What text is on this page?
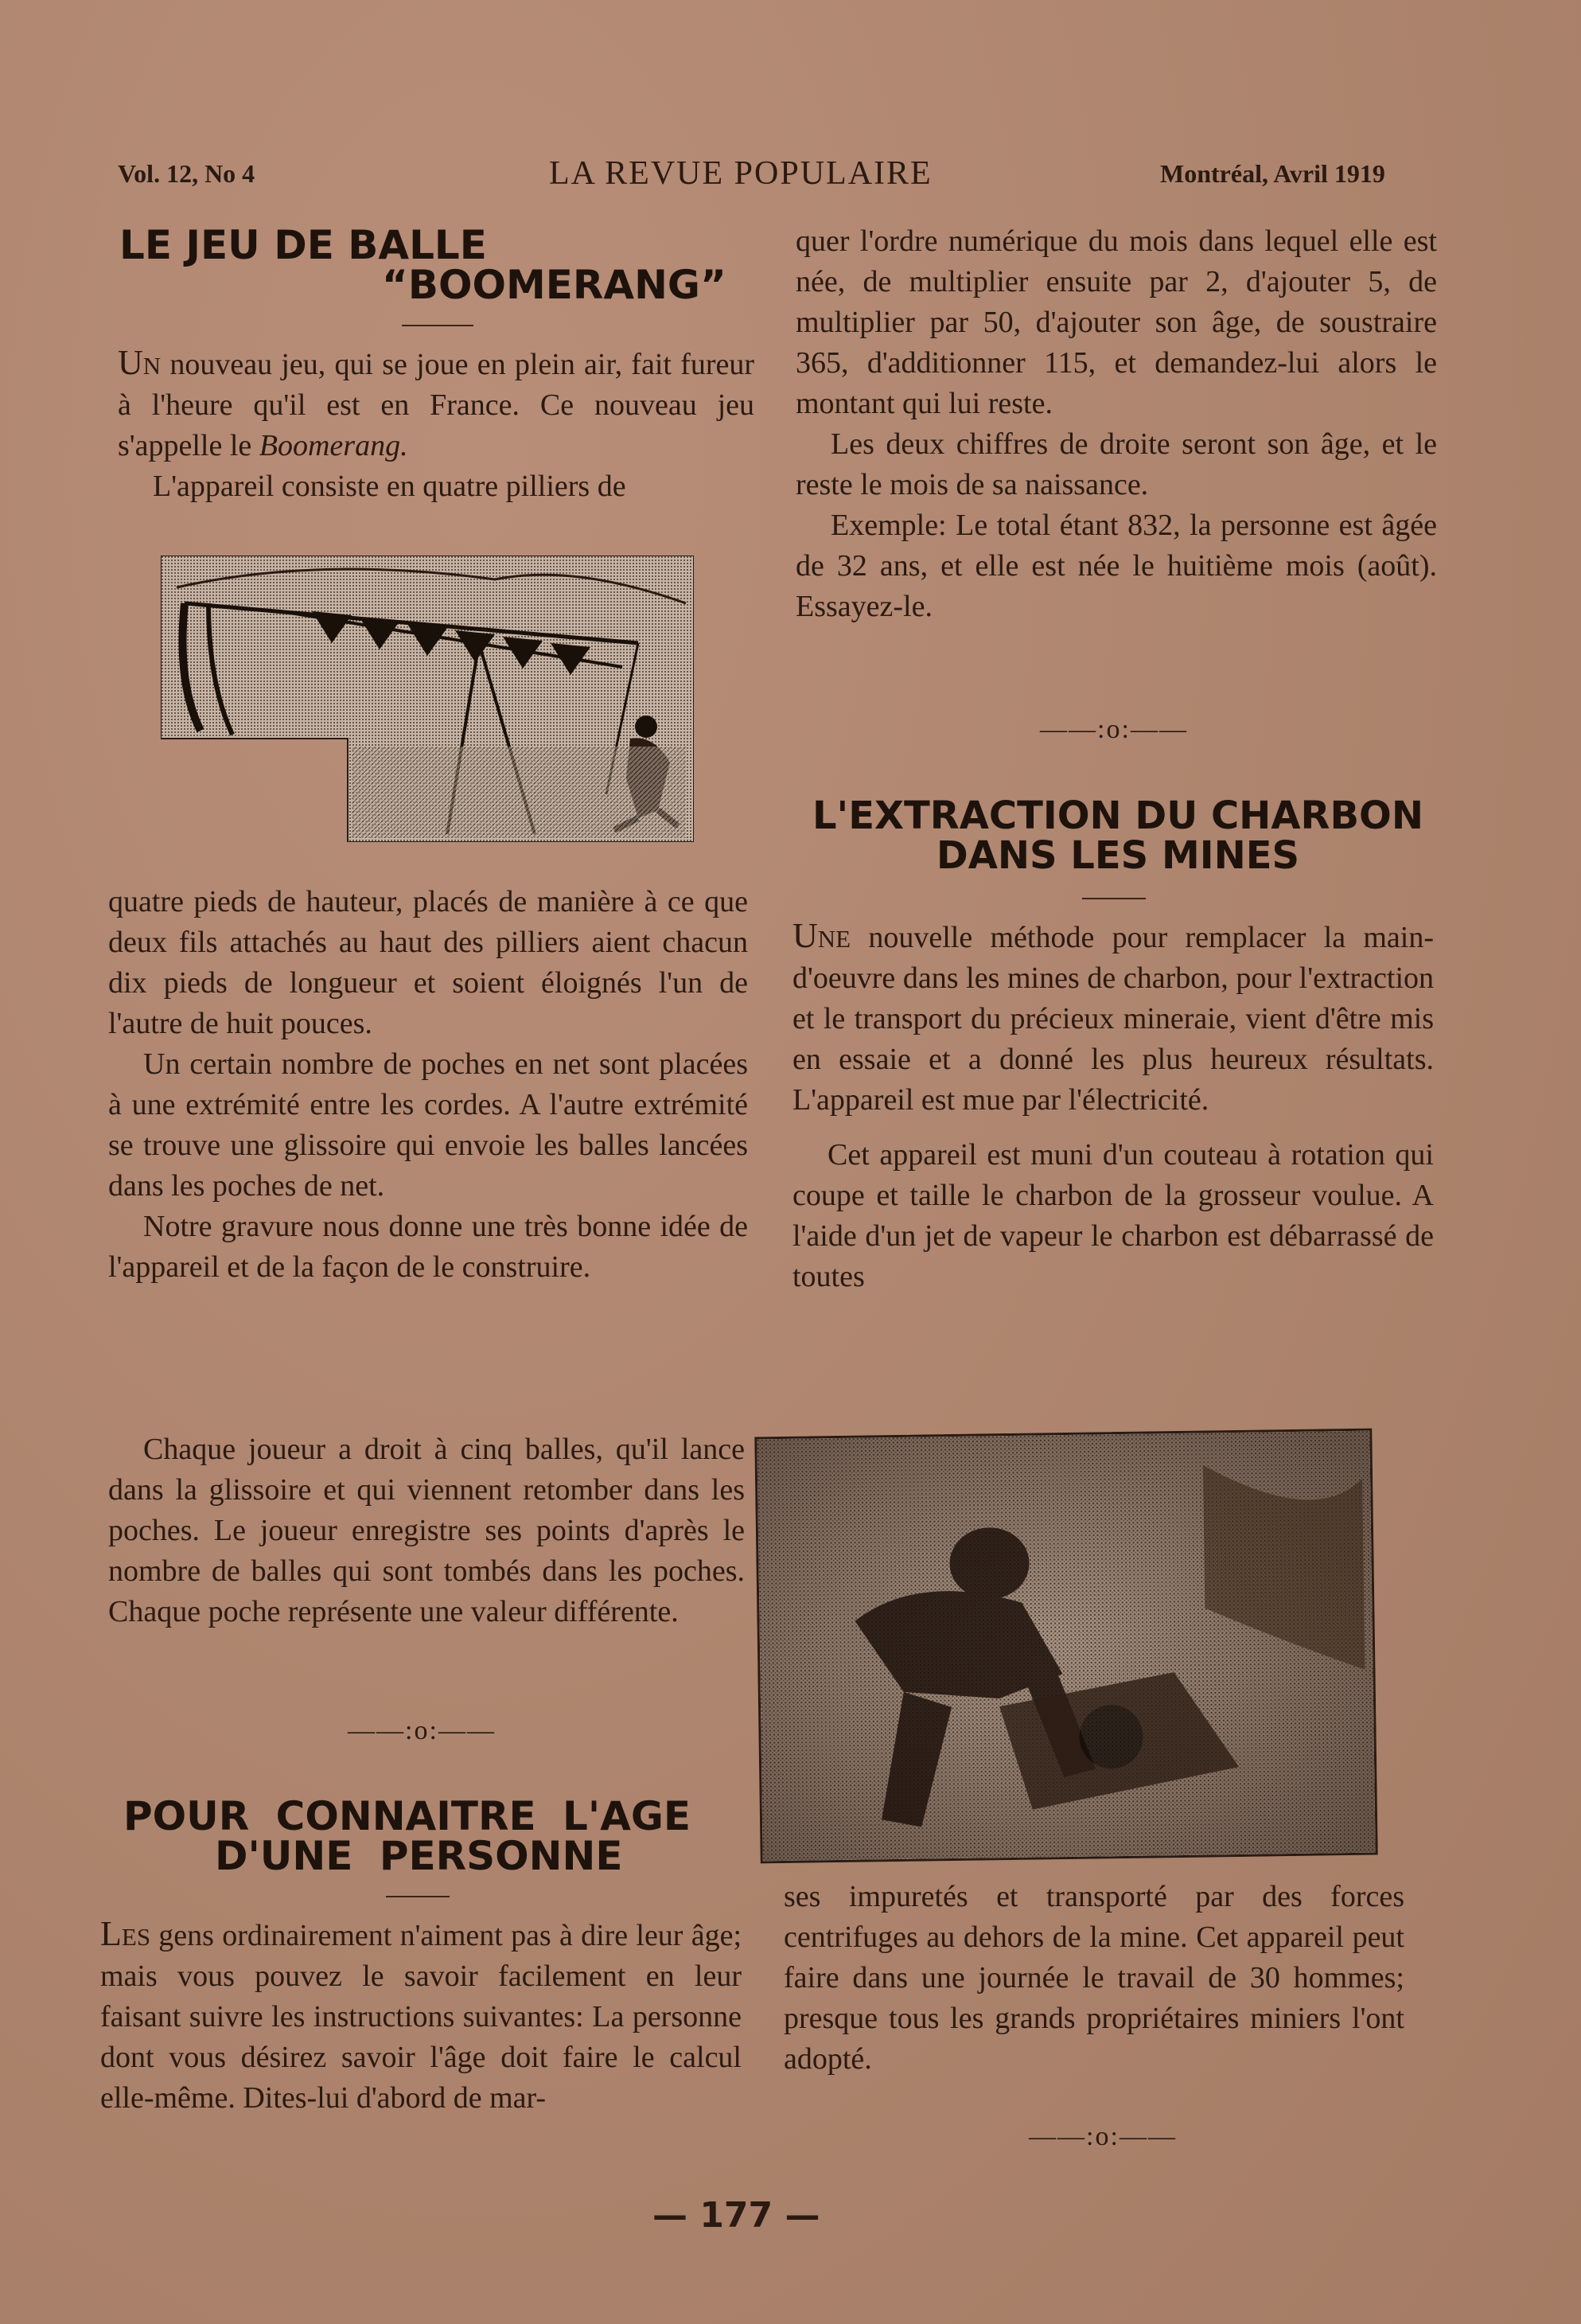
Vol. 12, No 4	LA REVUE POPULAIRE	Montréal, Avril 1919
LE JEU DE BALLE
“BOOMERANG”

Un nouveau jeu, qui se joue en plein air, fait fureur à l'heure qu'il est en France. Ce nouveau jeu s'appelle le Boomerang.

L'appareil consiste en quatre pilliers de

quatre pieds de hauteur, placés de manière à ce que deux fils attachés au haut des pilliers aient chacun dix pieds de longueur et soient éloignés l'un de l'autre de huit pouces.

Un certain nombre de poches en net sont placées à une extrémité entre les cordes. A l'autre extrémité se trouve une glissoire qui envoie les balles lancées dans les poches de net.

Notre gravure nous donne une très bonne idée de l'appareil et de la façon de le construire.

Chaque joueur a droit à cinq balles, qu'il lance dans la glissoire et qui viennent retomber dans les poches. Le joueur enregistre ses points d'après le nombre de balles qui sont tombés dans les poches. Chaque poche représente une valeur différente.

——:o:——
POUR CONNAITRE L'AGE
D'UNE PERSONNE

Les gens ordinairement n'aiment pas à dire leur âge; mais vous pouvez le savoir facilement en leur faisant suivre les instructions suivantes: La personne dont vous désirez savoir l'âge doit faire le calcul elle-même. Dites-lui d'abord de mar-

quer l'ordre numérique du mois dans lequel elle est née, de multiplier ensuite par 2, d'ajouter 5, de multiplier par 50, d'ajouter son âge, de soustraire 365, d'additionner 115, et demandez-lui alors le montant qui lui reste.

Les deux chiffres de droite seront son âge, et le reste le mois de sa naissance.

Exemple: Le total étant 832, la personne est âgée de 32 ans, et elle est née le huitième mois (août). Essayez-le.

——:o:——
L'EXTRACTION DU CHARBON
DANS LES MINES

Une nouvelle méthode pour remplacer la main-d'oeuvre dans les mines de charbon, pour l'extraction et le transport du précieux mineraie, vient d'être mis en essaie et a donné les plus heureux résultats. L'appareil est mue par l'électricité.

Cet appareil est muni d'un couteau à rotation qui coupe et taille le charbon de la grosseur voulue. A l'aide d'un jet de vapeur le charbon est débarrassé de toutes

ses impuretés et transporté par des forces centrifuges au dehors de la mine. Cet appareil peut faire dans une journée le travail de 30 hommes; presque tous les grands propriétaires miniers l'ont adopté.

——:o:——
— 177 —
